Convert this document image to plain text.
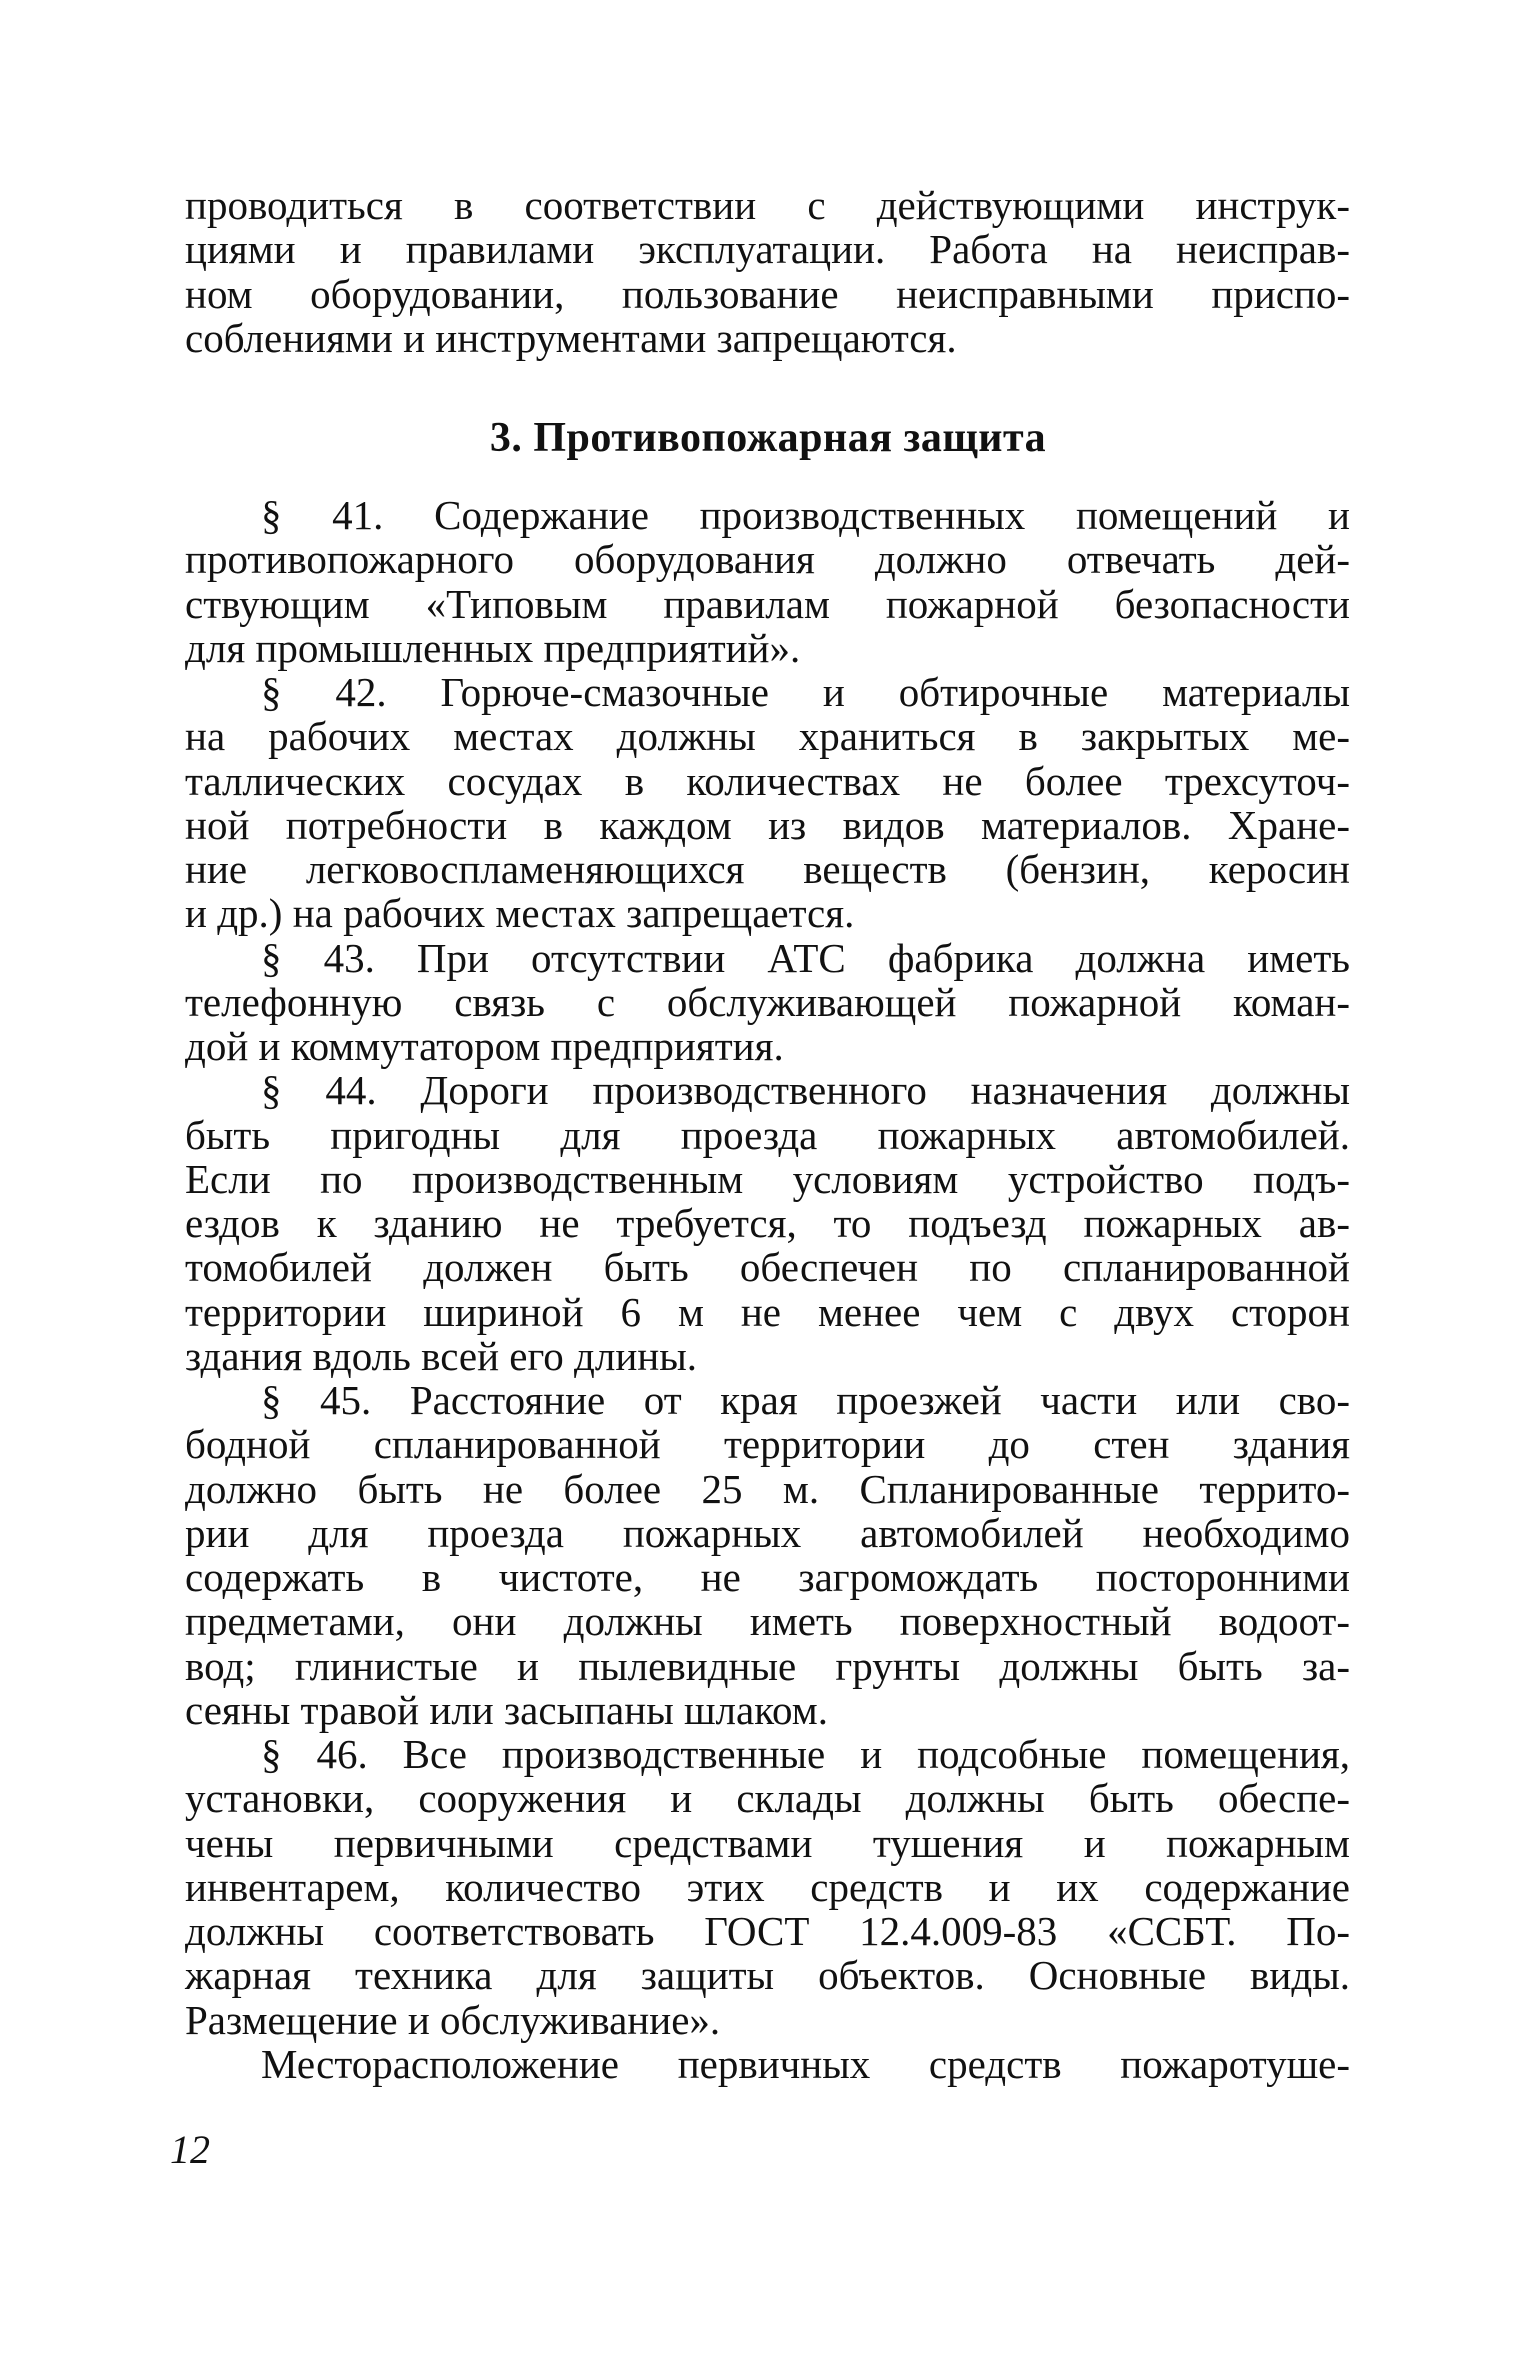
проводиться в соответствии с действующими инструк-
циями и правилами эксплуатации. Работа на неисправ-
ном оборудовании, пользование неисправными приспо-
соблениями и инструментами запрещаются.
3. Противопожарная защита
§ 41. Содержание производственных помещений и
противопожарного оборудования должно отвечать дей-
ствующим «Типовым правилам пожарной безопасности
для промышленных предприятий».
§ 42. Горюче-смазочные и обтирочные материалы
на рабочих местах должны храниться в закрытых ме-
таллических сосудах в количествах не более трехсуточ-
ной потребности в каждом из видов материалов. Хране-
ние легковоспламеняющихся веществ (бензин, керосин
и др.) на рабочих местах запрещается.
§ 43. При отсутствии АТС фабрика должна иметь
телефонную связь с обслуживающей пожарной коман-
дой и коммутатором предприятия.
§ 44. Дороги производственного назначения должны
быть пригодны для проезда пожарных автомобилей.
Если по производственным условиям устройство подъ-
ездов к зданию не требуется, то подъезд пожарных ав-
томобилей должен быть обеспечен по спланированной
территории шириной 6 м не менее чем с двух сторон
здания вдоль всей его длины.
§ 45. Расстояние от края проезжей части или сво-
бодной спланированной территории до стен здания
должно быть не более 25 м. Спланированные террито-
рии для проезда пожарных автомобилей необходимо
содержать в чистоте, не загромождать посторонними
предметами, они должны иметь поверхностный водоот-
вод; глинистые и пылевидные грунты должны быть за-
сеяны травой или засыпаны шлаком.
§ 46. Все производственные и подсобные помещения,
установки, сооружения и склады должны быть обеспе-
чены первичными средствами тушения и пожарным
инвентарем, количество этих средств и их содержание
должны соответствовать ГОСТ 12.4.009-83 «ССБТ. По-
жарная техника для защиты объектов. Основные виды.
Размещение и обслуживание».
Месторасположение первичных средств пожаротуше-
12
